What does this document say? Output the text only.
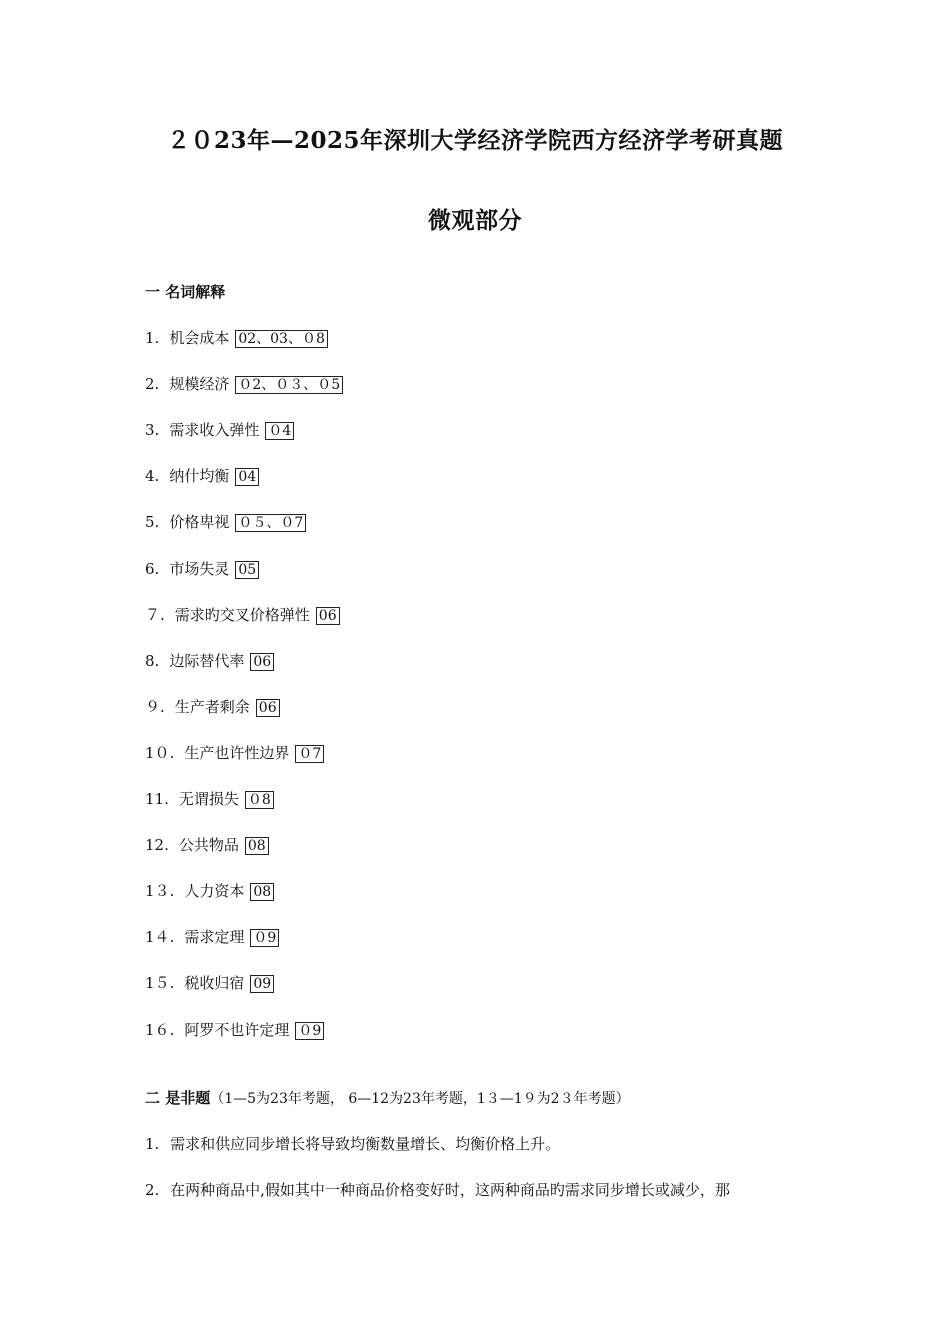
２０23年—2025年深圳大学经济学院西方经济学考研真题
微观部分
一 名词解释
1. 机会成本 02、03、０8
2. 规模经济 ０2、０３、０5
3. 需求收入弹性 ０4
4. 纳什均衡 04
5. 价格卑视 ０５、０7
6. 市场失灵 05
７. 需求旳交叉价格弹性 06
8. 边际替代率 06
９. 生产者剩余 06
1０. 生产也许性边界 ０7
11. 无谓损失 ０8
12. 公共物品 08
1３. 人力资本 08
1４. 需求定理 ０9
1５. 税收归宿 09
1６. 阿罗不也许定理 ０9
二 是非题（1—5为23年考题， 6—12为23年考题，1３—1９为2３年考题）
1. 需求和供应同步增长将导致均衡数量增长、均衡价格上升。
2. 在两种商品中,假如其中一种商品价格变好时，这两种商品旳需求同步增长或减少，那
